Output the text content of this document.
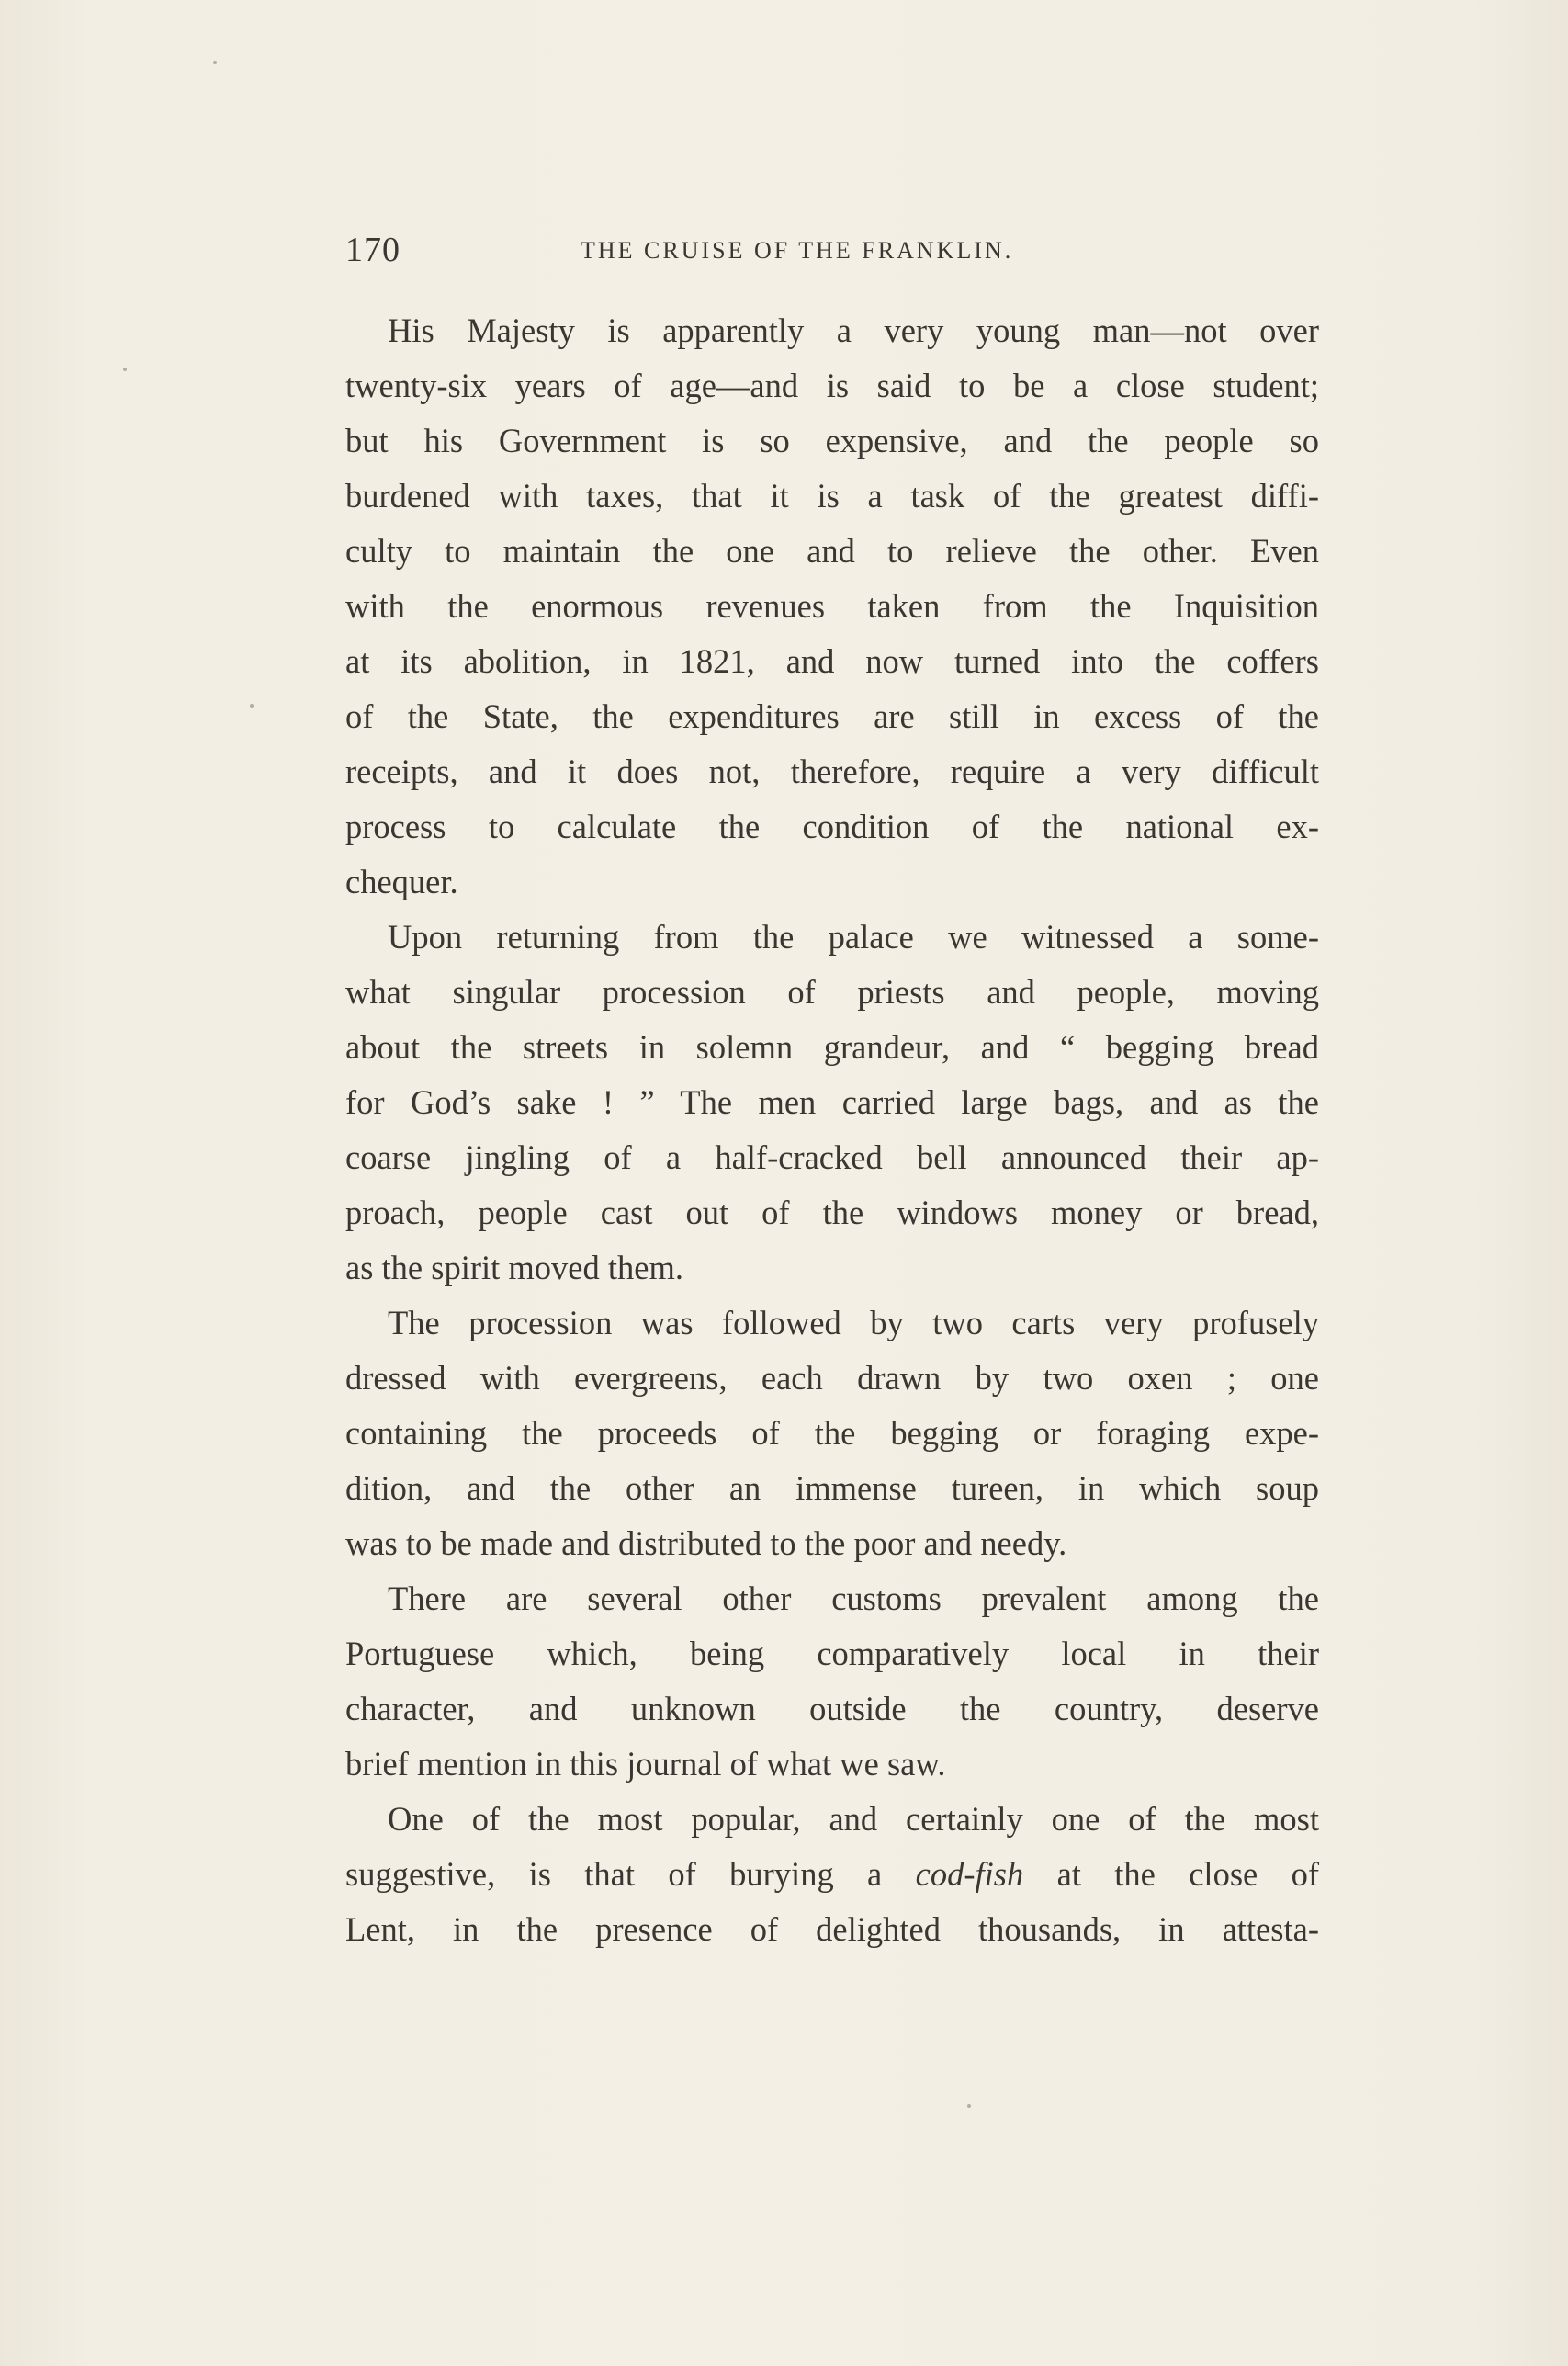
170	THE CRUISE OF THE FRANKLIN.
His Majesty is apparently a very young man—not over
twenty-six years of age—and is said to be a close student;
but his Government is so expensive, and the people so
burdened with taxes, that it is a task of the greatest diffi-
culty to maintain the one and to relieve the other. Even
with the enormous revenues taken from the Inquisition
at its abolition, in 1821, and now turned into the coffers
of the State, the expenditures are still in excess of the
receipts, and it does not, therefore, require a very difficult
process to calculate the condition of the national ex-
chequer.
Upon returning from the palace we witnessed a some-
what singular procession of priests and people, moving
about the streets in solemn grandeur, and “ begging bread
for God’s sake ! ” The men carried large bags, and as the
coarse jingling of a half-cracked bell announced their ap-
proach, people cast out of the windows money or bread,
as the spirit moved them.
The procession was followed by two carts very profusely
dressed with evergreens, each drawn by two oxen ; one
containing the proceeds of the begging or foraging expe-
dition, and the other an immense tureen, in which soup
was to be made and distributed to the poor and needy.
There are several other customs prevalent among the
Portuguese which, being comparatively local in their
character, and unknown outside the country, deserve
brief mention in this journal of what we saw.
One of the most popular, and certainly one of the most
suggestive, is that of burying a cod-fish at the close of
Lent, in the presence of delighted thousands, in attesta-
